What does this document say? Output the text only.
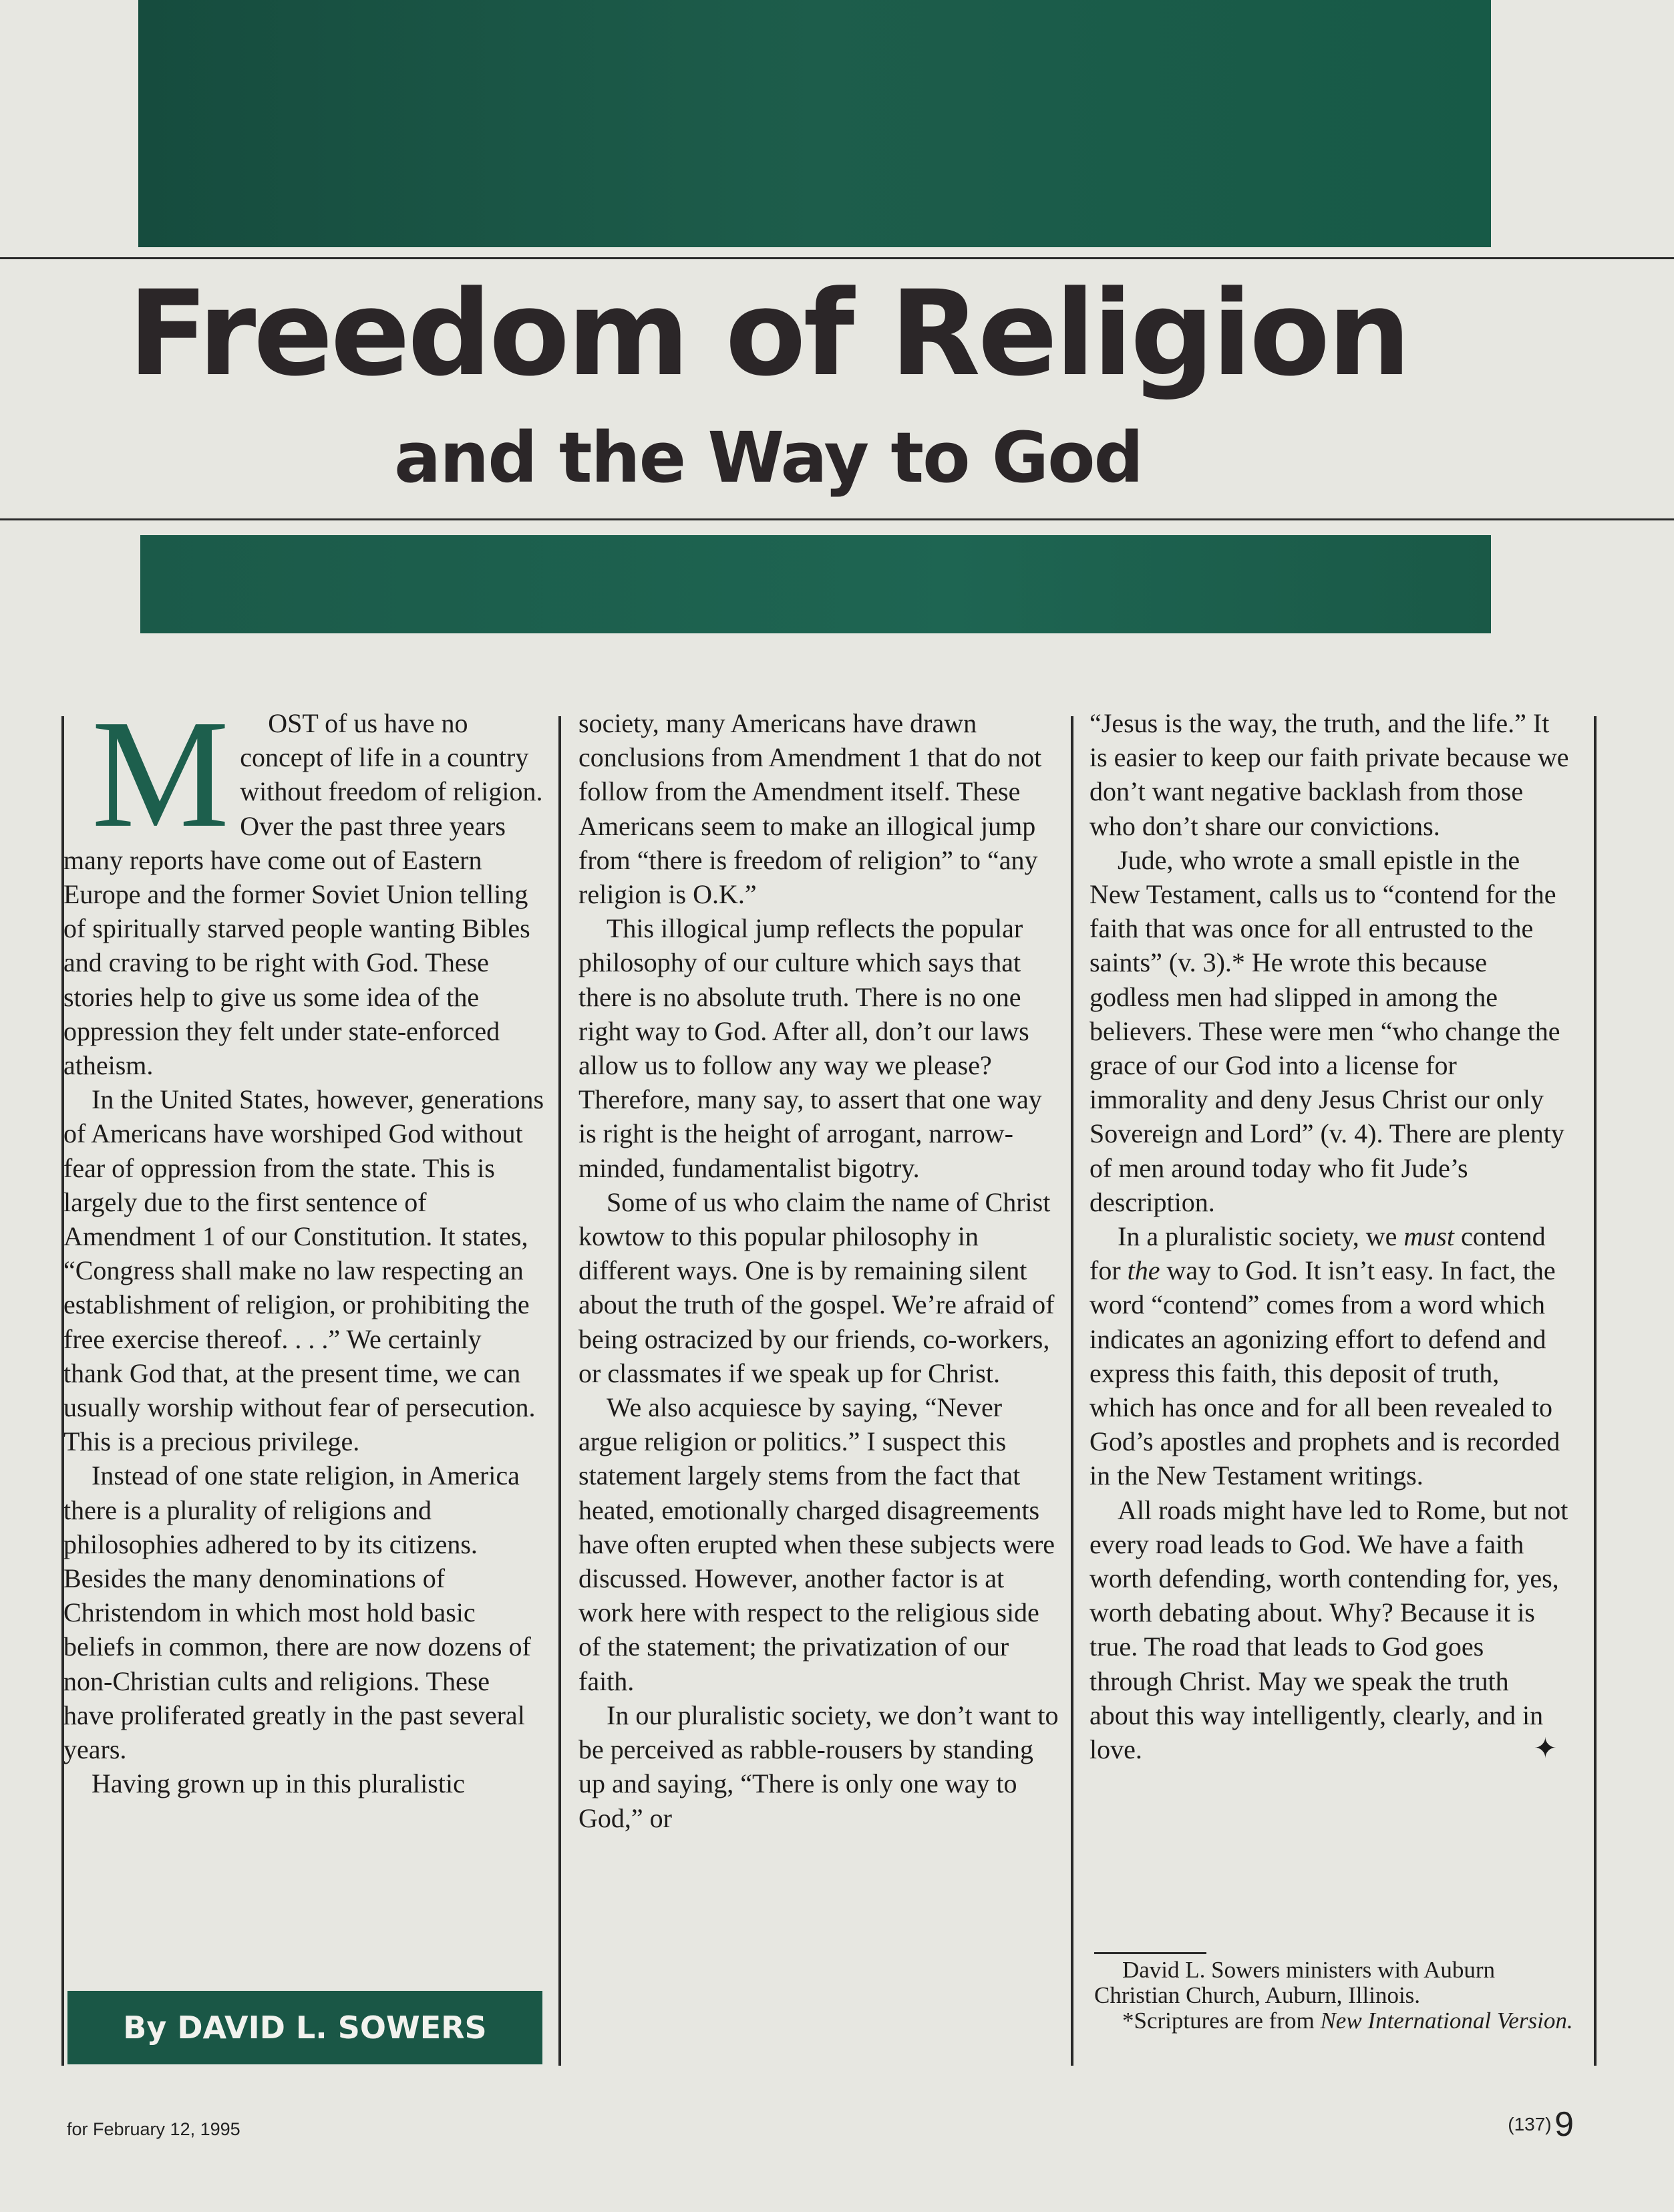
Freedom of Religion
and the Way to God

M OST of us have no concept of life in a country without freedom of religion. Over the past three years many reports have come out of Eastern Europe and the former Soviet Union telling of spiritually starved people wanting Bibles and craving to be right with God. These stories help to give us some idea of the oppression they felt under state-enforced atheism.

In the United States, however, generations of Americans have worshiped God without fear of oppression from the state. This is largely due to the first sentence of Amendment 1 of our Constitution. It states, “Congress shall make no law respecting an establishment of religion, or prohibiting the free exercise thereof. . . .” We certainly thank God that, at the present time, we can usually worship without fear of persecution. This is a precious privilege.

Instead of one state religion, in America there is a plurality of religions and philosophies adhered to by its citizens. Besides the many denominations of Christendom in which most hold basic beliefs in common, there are now dozens of non-Christian cults and religions. These have proliferated greatly in the past several years.

Having grown up in this pluralistic

By DAVID L. SOWERS

society, many Americans have drawn conclusions from Amendment 1 that do not follow from the Amendment itself. These Americans seem to make an illogical jump from “there is freedom of religion” to “any religion is O.K.”

This illogical jump reflects the popular philosophy of our culture which says that there is no absolute truth. There is no one right way to God. After all, don’t our laws allow us to follow any way we please? Therefore, many say, to assert that one way is right is the height of arrogant, narrow-minded, fundamentalist bigotry.

Some of us who claim the name of Christ kowtow to this popular philosophy in different ways. One is by remaining silent about the truth of the gospel. We’re afraid of being ostracized by our friends, co-workers, or classmates if we speak up for Christ.

We also acquiesce by saying, “Never argue religion or politics.” I suspect this statement largely stems from the fact that heated, emotionally charged disagreements have often erupted when these subjects were discussed. However, another factor is at work here with respect to the religious side of the statement; the privatization of our faith.

In our pluralistic society, we don’t want to be perceived as rabble-rousers by standing up and saying, “There is only one way to God,” or

“Jesus is the way, the truth, and the life.” It is easier to keep our faith private because we don’t want negative backlash from those who don’t share our convictions.

Jude, who wrote a small epistle in the New Testament, calls us to “contend for the faith that was once for all entrusted to the saints” (v. 3).* He wrote this because godless men had slipped in among the believers. These were men “who change the grace of our God into a license for immorality and deny Jesus Christ our only Sovereign and Lord” (v. 4). There are plenty of men around today who fit Jude’s description.

In a pluralistic society, we must contend for the way to God. It isn’t easy. In fact, the word “contend” comes from a word which indicates an agonizing effort to defend and express this faith, this deposit of truth, which has once and for all been revealed to God’s apostles and prophets and is recorded in the New Testament writings.

All roads might have led to Rome, but not every road leads to God. We have a faith worth defending, worth contending for, yes, worth debating about. Why? Because it is true. The road that leads to God goes through Christ. May we speak the truth about this way intelligently, clearly, and in love.	✦

David L. Sowers ministers with Auburn Christian Church, Auburn, Illinois.

*Scriptures are from New International Version.

for February 12, 1995	(137) 9
